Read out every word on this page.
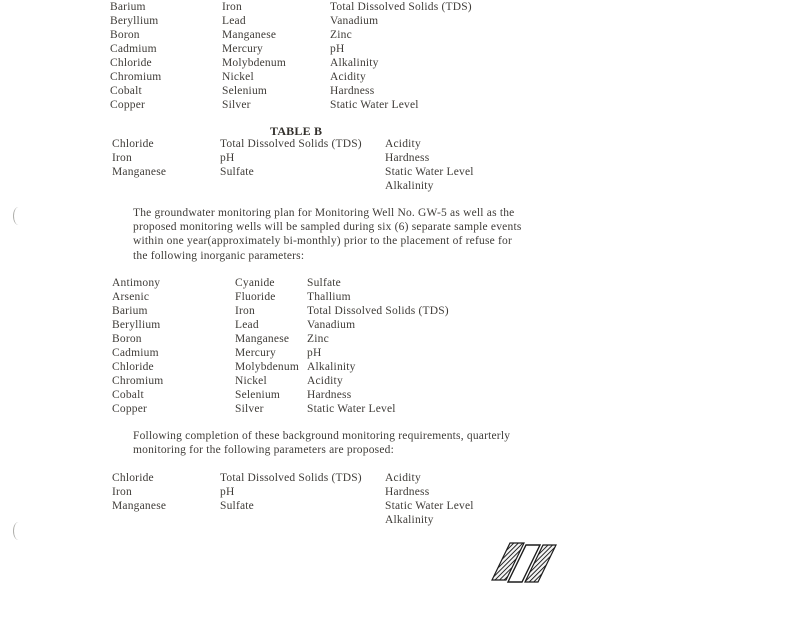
Barium
Beryllium
Boron
Cadmium
Chloride
Chromium
Cobalt
Copper
Iron
Lead
Manganese
Mercury
Molybdenum
Nickel
Selenium
Silver
Total Dissolved Solids (TDS)
Vanadium
Zinc
pH
Alkalinity
Acidity
Hardness
Static Water Level
TABLE B
Chloride
Iron
Manganese
Total Dissolved Solids (TDS)
pH
Sulfate
Acidity
Hardness
Static Water Level
Alkalinity
The groundwater monitoring plan for Monitoring Well No. GW-5 as well as the
proposed monitoring wells will be sampled during six (6) separate sample events
within one year(approximately bi-monthly) prior to the placement of refuse for
the following inorganic parameters:
Antimony
Arsenic
Barium
Beryllium
Boron
Cadmium
Chloride
Chromium
Cobalt
Copper
Cyanide
Fluoride
Iron
Lead
Manganese
Mercury
Molybdenum
Nickel
Selenium
Silver
Sulfate
Thallium
Total Dissolved Solids (TDS)
Vanadium
Zinc
pH
Alkalinity
Acidity
Hardness
Static Water Level
Following completion of these background monitoring requirements, quarterly
monitoring for the following parameters are proposed:
Chloride
Iron
Manganese
Total Dissolved Solids (TDS)
pH
Sulfate
Acidity
Hardness
Static Water Level
Alkalinity
